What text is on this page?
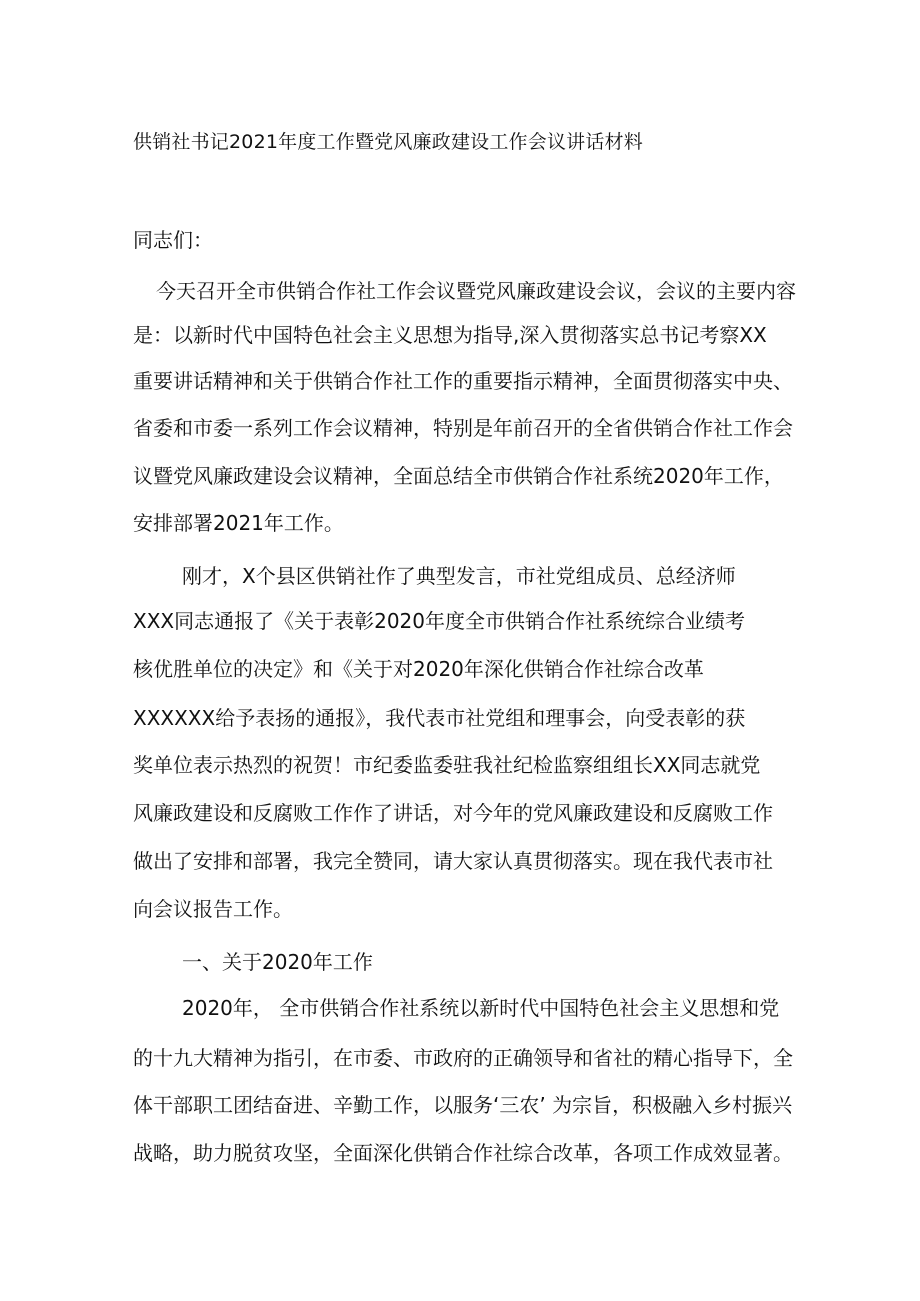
供销社书记2021年度工作暨党风廉政建设工作会议讲话材料
同志们：
今天召开全市供销合作社工作会议暨党风廉政建设会议，会议的主要内容
是：以新时代中国特色社会主义思想为指导,深入贯彻落实总书记考察XX
重要讲话精神和关于供销合作社工作的重要指示精神，全面贯彻落实中央、
省委和市委一系列工作会议精神，特别是年前召开的全省供销合作社工作会
议暨党风廉政建设会议精神，全面总结全市供销合作社系统2020年工作，
安排部署2021年工作。
刚才，X个县区供销社作了典型发言，市社党组成员、总经济师
XXX同志通报了《关于表彰2020年度全市供销合作社系统综合业绩考
核优胜单位的决定》和《关于对2020年深化供销合作社综合改革
XXXXXX给予表扬的通报》，我代表市社党组和理事会，向受表彰的获
奖单位表示热烈的祝贺！市纪委监委驻我社纪检监察组组长XX同志就党
风廉政建设和反腐败工作作了讲话，对今年的党风廉政建设和反腐败工作
做出了安排和部署，我完全赞同，请大家认真贯彻落实。现在我代表市社
向会议报告工作。
一、关于2020年工作
2020年， 全市供销合作社系统以新时代中国特色社会主义思想和党
的十九大精神为指引，在市委、市政府的正确领导和省社的精心指导下，全
体干部职工团结奋进、辛勤工作，以服务‘三农’ 为宗旨，积极融入乡村振兴
战略，助力脱贫攻坚，全面深化供销合作社综合改革，各项工作成效显著。
